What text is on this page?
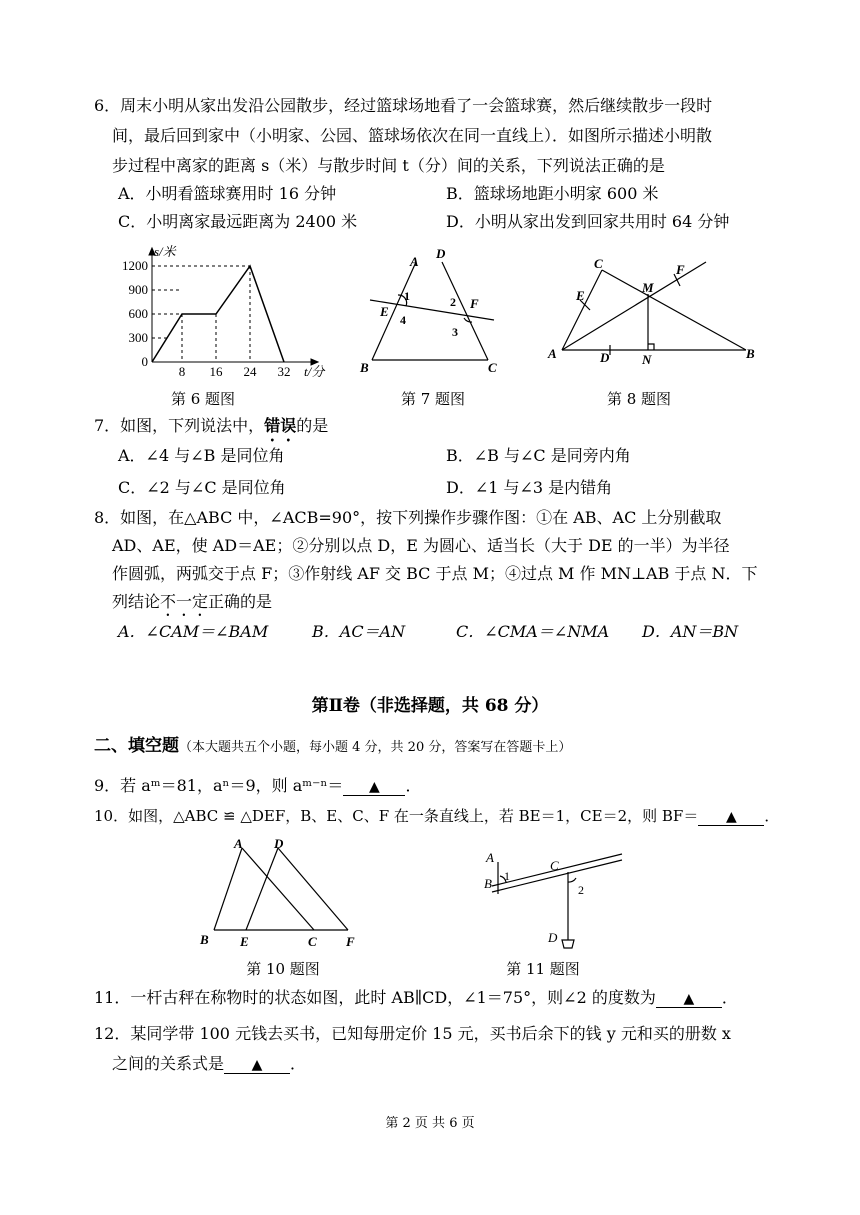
6．周末小明从家出发沿公园散步，经过篮球场地看了一会篮球赛，然后继续散步一段时
间，最后回到家中（小明家、公园、篮球场依次在同一直线上）．如图所示描述小明散
步过程中离家的距离 s（米）与散步时间 t（分）间的关系，下列说法正确的是
A．小明看篮球赛用时 16 分钟	B．篮球场地距小明家 600 米
C．小明离家最远距离为 2400 米	D．小明从家出发到回家共用时 64 分钟
s/米
1200
900
600
300
0
8 16 24 32 t/分
第 6 题图
A
D
1	2
E
F
4
3
B	C
第 7 题图
C	F
E
M
A	D	N	B
第 8 题图
7．如图，下列说法中，错误的是
A．∠4 与∠B 是同位角	B．∠B 与∠C 是同旁内角
C．∠2 与∠C 是同位角	D．∠1 与∠3 是内错角
8．如图，在△ABC 中，∠ACB=90°，按下列操作步骤作图：①在 AB、AC 上分别截取
AD、AE，使 AD＝AE；②分别以点 D，E 为圆心、适当长（大于 DE 的一半）为半径
作圆弧，两弧交于点 F；③作射线 AF 交 BC 于点 M；④过点 M 作 MN⊥AB 于点 N．下
列结论不一定正确的是
A．∠CAM＝∠BAM	B．AC＝AN	C．∠CMA＝∠NMA D．AN＝BN
第Ⅱ卷（非选择题，共 68 分）
二、填空题（本大题共五个小题，每小题 4 分，共 20 分，答案写在答题卡上）
9．若 aᵐ＝81，aⁿ＝9，则 aᵐ⁻ⁿ＝ ▲ ．
10．如图，△ABC ≌ △DEF，B、E、C、F 在一条直线上，若 BE＝1，CE＝2，则 BF＝ ▲ ．
A D
B E	C F
第 10 题图
A
B 1
C
2
D
第 11 题图
11．一杆古秤在称物时的状态如图，此时 AB∥CD，∠1＝75°，则∠2 的度数为 ▲ ．
12．某同学带 100 元钱去买书，已知每册定价 15 元，买书后余下的钱 y 元和买的册数 x
之间的关系式是 ▲ ．
第 2 页 共 6 页
